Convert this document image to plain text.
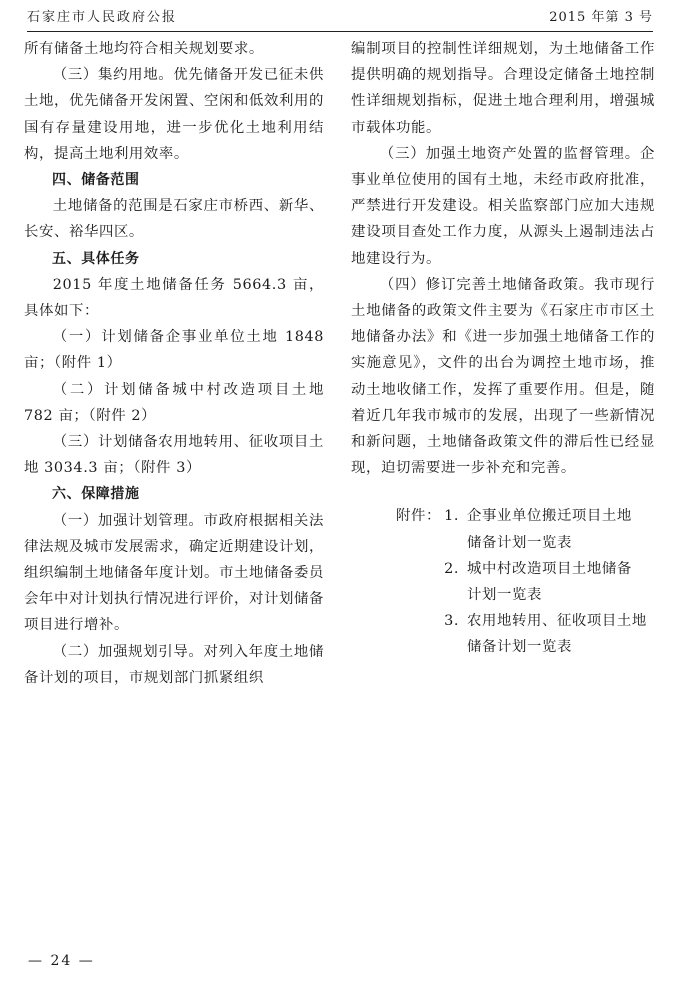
石家庄市人民政府公报	2015 年第 3 号

所有储备土地均符合相关规划要求。

（三）集约用地。优先储备开发已征未供土地，优先储备开发闲置、空闲和低效利用的国有存量建设用地，进一步优化土地利用结构，提高土地利用效率。

四、储备范围

土地储备的范围是石家庄市桥西、新华、长安、裕华四区。

五、具体任务

2015 年度土地储备任务 5664.3 亩，具体如下：

（一）计划储备企事业单位土地 1848 亩；（附件 1）

（二）计划储备城中村改造项目土地 782 亩；（附件 2）

（三）计划储备农用地转用、征收项目土地 3034.3 亩；（附件 3）

六、保障措施

（一）加强计划管理。市政府根据相关法律法规及城市发展需求，确定近期建设计划，组织编制土地储备年度计划。市土地储备委员会年中对计划执行情况进行评价，对计划储备项目进行增补。

（二）加强规划引导。对列入年度土地储备计划的项目，市规划部门抓紧组织

编制项目的控制性详细规划，为土地储备工作提供明确的规划指导。合理设定储备土地控制性详细规划指标，促进土地合理利用，增强城市载体功能。

（三）加强土地资产处置的监督管理。企事业单位使用的国有土地，未经市政府批准，严禁进行开发建设。相关监察部门应加大违规建设项目查处工作力度，从源头上遏制违法占地建设行为。

（四）修订完善土地储备政策。我市现行土地储备的政策文件主要为《石家庄市市区土地储备办法》和《进一步加强土地储备工作的实施意见》，文件的出台为调控土地市场，推动土地收储工作，发挥了重要作用。但是，随着近几年我市城市的发展，出现了一些新情况和新问题，土地储备政策文件的滞后性已经显现，迫切需要进一步补充和完善。

附件： 1. 企事业单位搬迁项目土地
储备计划一览表
2. 城中村改造项目土地储备
计划一览表
3. 农用地转用、征收项目土地
储备计划一览表
— 24 —
